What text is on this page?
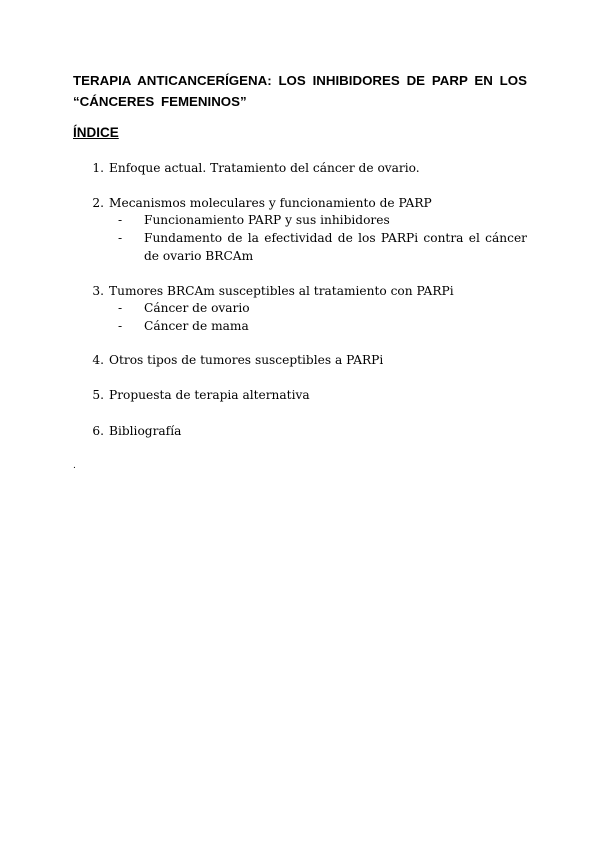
TERAPIA ANTICANCERÍGENA: LOS INHIBIDORES DE PARP EN LOS “CÁNCERES FEMENINOS”
ÍNDICE
1. Enfoque actual. Tratamiento del cáncer de ovario.
2. Mecanismos moleculares y funcionamiento de PARP
- Funcionamiento PARP y sus inhibidores
- Fundamento de la efectividad de los PARPi contra el cáncer de ovario BRCAm
3. Tumores BRCAm susceptibles al tratamiento con PARPi
- Cáncer de ovario
- Cáncer de mama
4. Otros tipos de tumores susceptibles a PARPi
5. Propuesta de terapia alternativa
6. Bibliografía
.
